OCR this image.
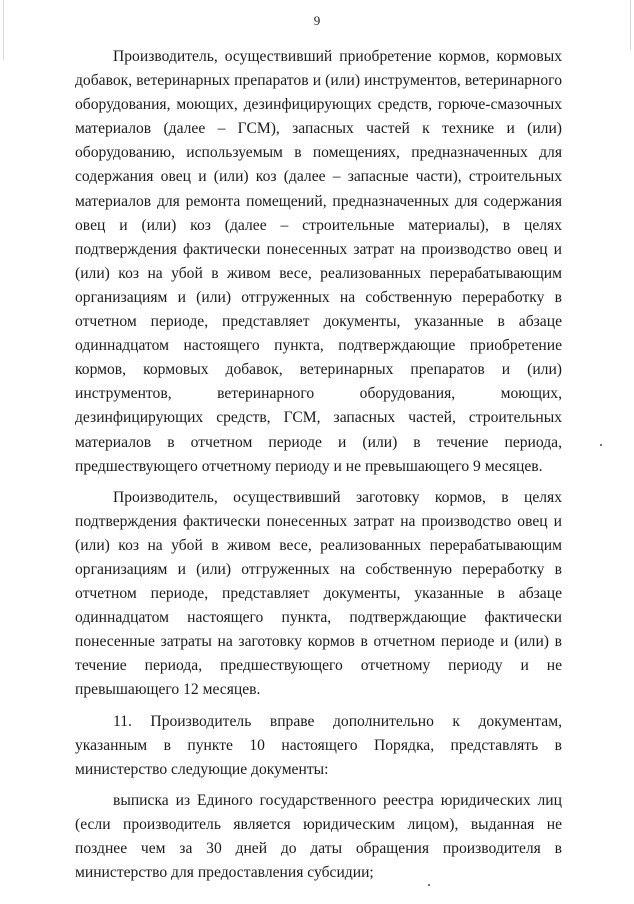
9

Производитель, осуществивший приобретение кормов, кормовых добавок, ветеринарных препаратов и (или) инструментов, ветеринарного оборудования, моющих, дезинфицирующих средств, горюче-смазочных материалов (далее – ГСМ), запасных частей к технике и (или) оборудованию, используемым в помещениях, предназначенных для содержания овец и (или) коз (далее – запасные части), строительных материалов для ремонта помещений, предназначенных для содержания овец и (или) коз (далее – строительные материалы), в целях подтверждения фактически понесенных затрат на производство овец и (или) коз на убой в живом весе, реализованных перерабатывающим организациям и (или) отгруженных на собственную переработку в отчетном периоде, представляет документы, указанные в абзаце одиннадцатом настоящего пункта, подтверждающие приобретение кормов, кормовых добавок, ветеринарных препаратов и (или) инструментов, ветеринарного оборудования, моющих, дезинфицирующих средств, ГСМ, запасных частей, строительных материалов в отчетном периоде и (или) в течение периода, предшествующего отчетному периоду и не превышающего 9 месяцев.

Производитель, осуществивший заготовку кормов, в целях подтверждения фактически понесенных затрат на производство овец и (или) коз на убой в живом весе, реализованных перерабатывающим организациям и (или) отгруженных на собственную переработку в отчетном периоде, представляет документы, указанные в абзаце одиннадцатом настоящего пункта, подтверждающие фактически понесенные затраты на заготовку кормов в отчетном периоде и (или) в течение периода, предшествующего отчетному периоду и не превышающего 12 месяцев.

11. Производитель вправе дополнительно к документам, указанным в пункте 10 настоящего Порядка, представлять в министерство следующие документы:

выписка из Единого государственного реестра юридических лиц (если производитель является юридическим лицом), выданная не позднее чем за 30 дней до даты обращения производителя в министерство для предоставления субсидии;
